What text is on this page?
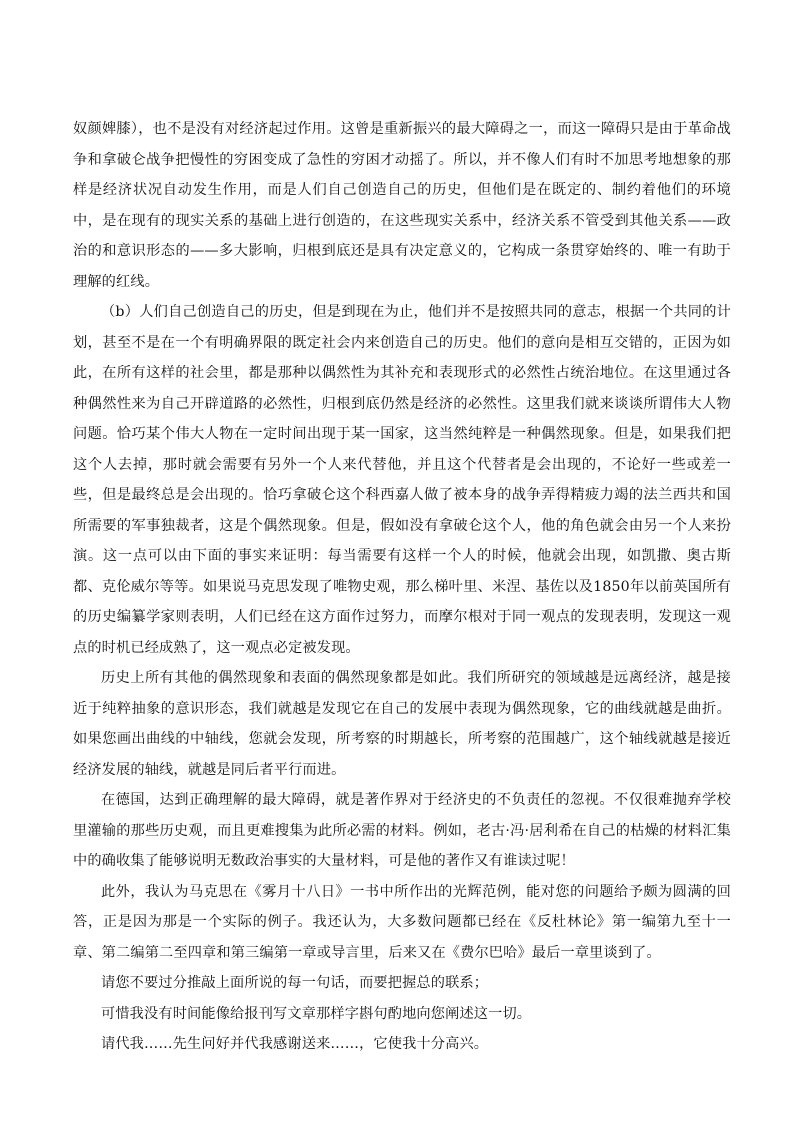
奴颜婢膝），也不是没有对经济起过作用。这曾是重新振兴的最大障碍之一，而这一障碍只是由于革命战争和拿破仑战争把慢性的穷困变成了急性的穷困才动摇了。所以，并不像人们有时不加思考地想象的那样是经济状况自动发生作用，而是人们自己创造自己的历史，但他们是在既定的、制约着他们的环境中，是在现有的现实关系的基础上进行创造的，在这些现实关系中，经济关系不管受到其他关系——政治的和意识形态的——多大影响，归根到底还是具有决定意义的，它构成一条贯穿始终的、唯一有助于理解的红线。

（b）人们自己创造自己的历史，但是到现在为止，他们并不是按照共同的意志，根据一个共同的计划，甚至不是在一个有明确界限的既定社会内来创造自己的历史。他们的意向是相互交错的，正因为如此，在所有这样的社会里，都是那种以偶然性为其补充和表现形式的必然性占统治地位。在这里通过各种偶然性来为自己开辟道路的必然性，归根到底仍然是经济的必然性。这里我们就来谈谈所谓伟大人物问题。恰巧某个伟大人物在一定时间出现于某一国家，这当然纯粹是一种偶然现象。但是，如果我们把这个人去掉，那时就会需要有另外一个人来代替他，并且这个代替者是会出现的，不论好一些或差一些，但是最终总是会出现的。恰巧拿破仑这个科西嘉人做了被本身的战争弄得精疲力竭的法兰西共和国所需要的军事独裁者，这是个偶然现象。但是，假如没有拿破仑这个人，他的角色就会由另一个人来扮演。这一点可以由下面的事实来证明：每当需要有这样一个人的时候，他就会出现，如凯撒、奥古斯都、克伦威尔等等。如果说马克思发现了唯物史观，那么梯叶里、米涅、基佐以及1850年以前英国所有的历史编纂学家则表明，人们已经在这方面作过努力，而摩尔根对于同一观点的发现表明，发现这一观点的时机已经成熟了，这一观点必定被发现。

历史上所有其他的偶然现象和表面的偶然现象都是如此。我们所研究的领域越是远离经济，越是接近于纯粹抽象的意识形态，我们就越是发现它在自己的发展中表现为偶然现象，它的曲线就越是曲折。如果您画出曲线的中轴线，您就会发现，所考察的时期越长，所考察的范围越广，这个轴线就越是接近经济发展的轴线，就越是同后者平行而进。

在德国，达到正确理解的最大障碍，就是著作界对于经济史的不负责任的忽视。不仅很难抛弃学校里灌输的那些历史观，而且更难搜集为此所必需的材料。例如，老古·冯·居利希在自己的枯燥的材料汇集中的确收集了能够说明无数政治事实的大量材料，可是他的著作又有谁读过呢！

此外，我认为马克思在《雾月十八日》一书中所作出的光辉范例，能对您的问题给予颇为圆满的回答，正是因为那是一个实际的例子。我还认为，大多数问题都已经在《反杜林论》第一编第九至十一章、第二编第二至四章和第三编第一章或导言里，后来又在《费尔巴哈》最后一章里谈到了。

请您不要过分推敲上面所说的每一句话，而要把握总的联系；

可惜我没有时间能像给报刊写文章那样字斟句酌地向您阐述这一切。

请代我……先生问好并代我感谢送来……，它使我十分高兴。
